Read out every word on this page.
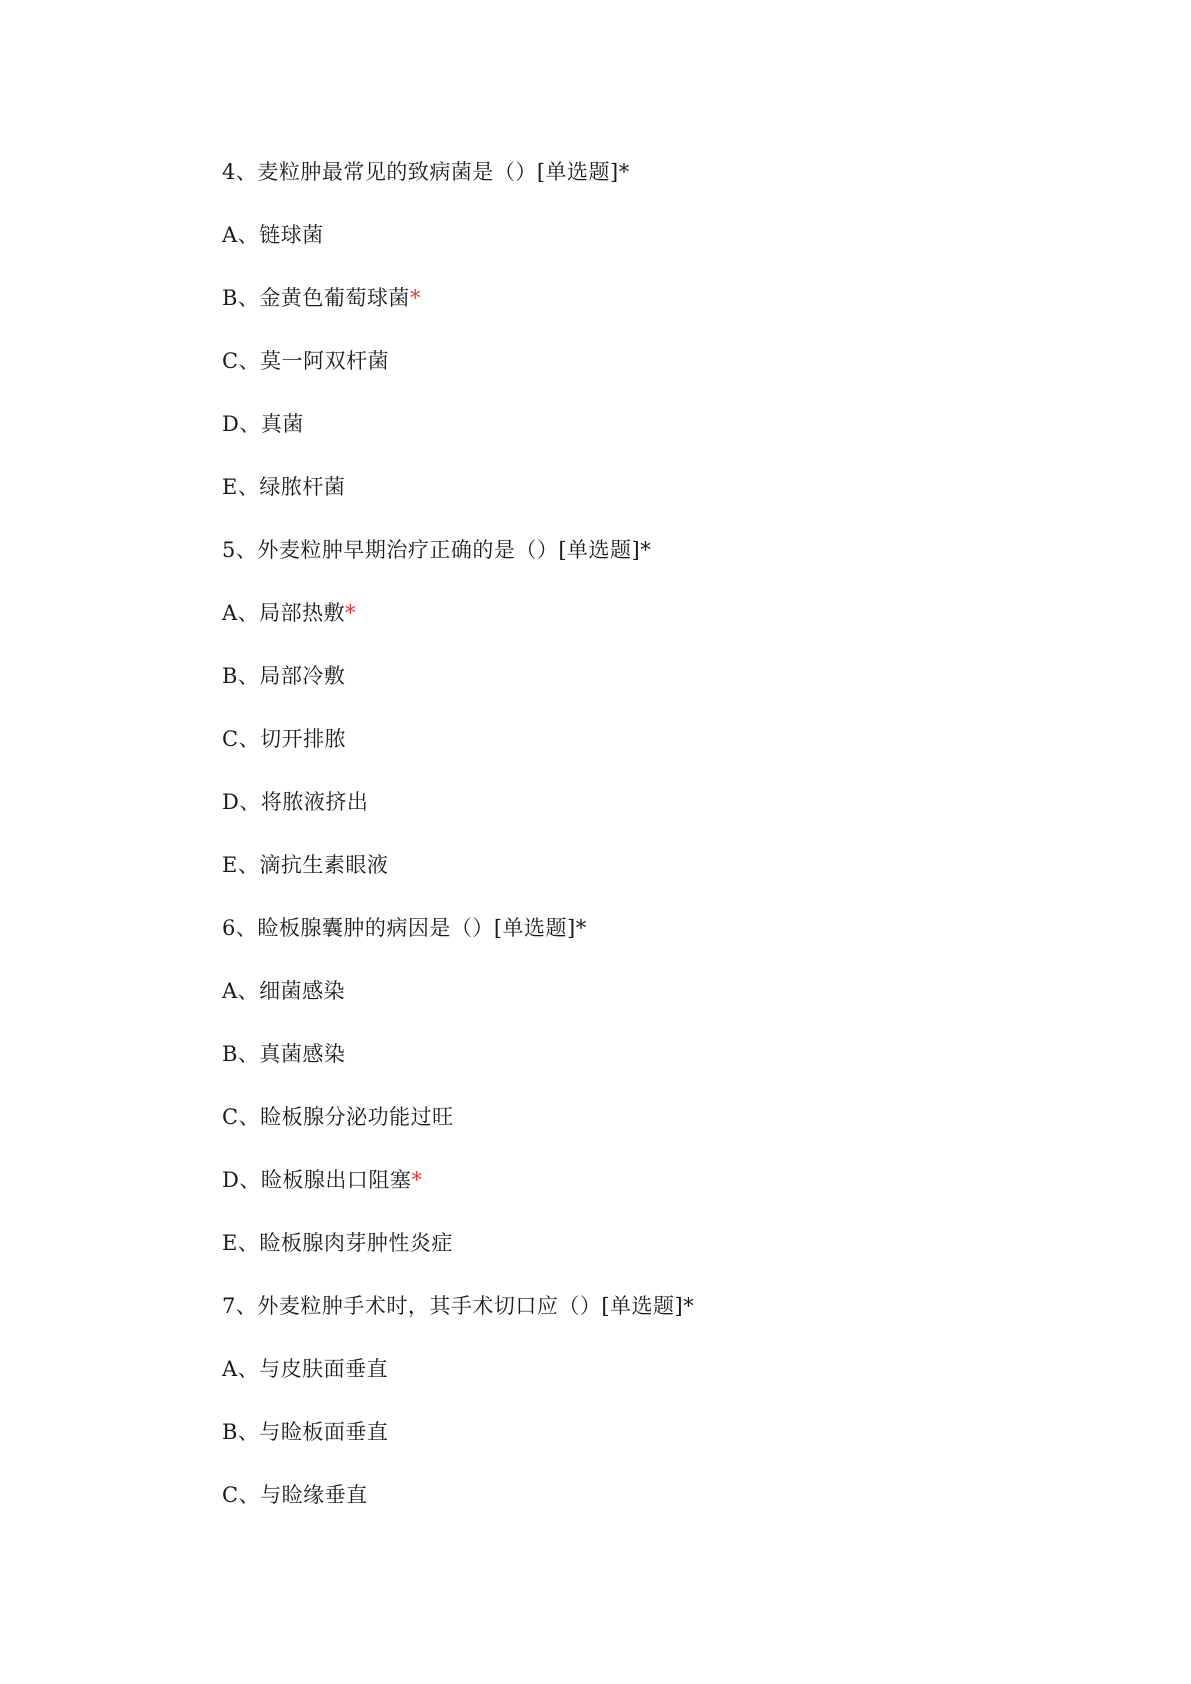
4、麦粒肿最常见的致病菌是（）[单选题]*
A、链球菌
B、金黄色葡萄球菌*
C、莫一阿双杆菌
D、真菌
E、绿脓杆菌
5、外麦粒肿早期治疗正确的是（）[单选题]*
A、局部热敷*
B、局部冷敷
C、切开排脓
D、将脓液挤出
E、滴抗生素眼液
6、睑板腺囊肿的病因是（）[单选题]*
A、细菌感染
B、真菌感染
C、睑板腺分泌功能过旺
D、睑板腺出口阻塞*
E、睑板腺肉芽肿性炎症
7、外麦粒肿手术时，其手术切口应（）[单选题]*
A、与皮肤面垂直
B、与睑板面垂直
C、与睑缘垂直
